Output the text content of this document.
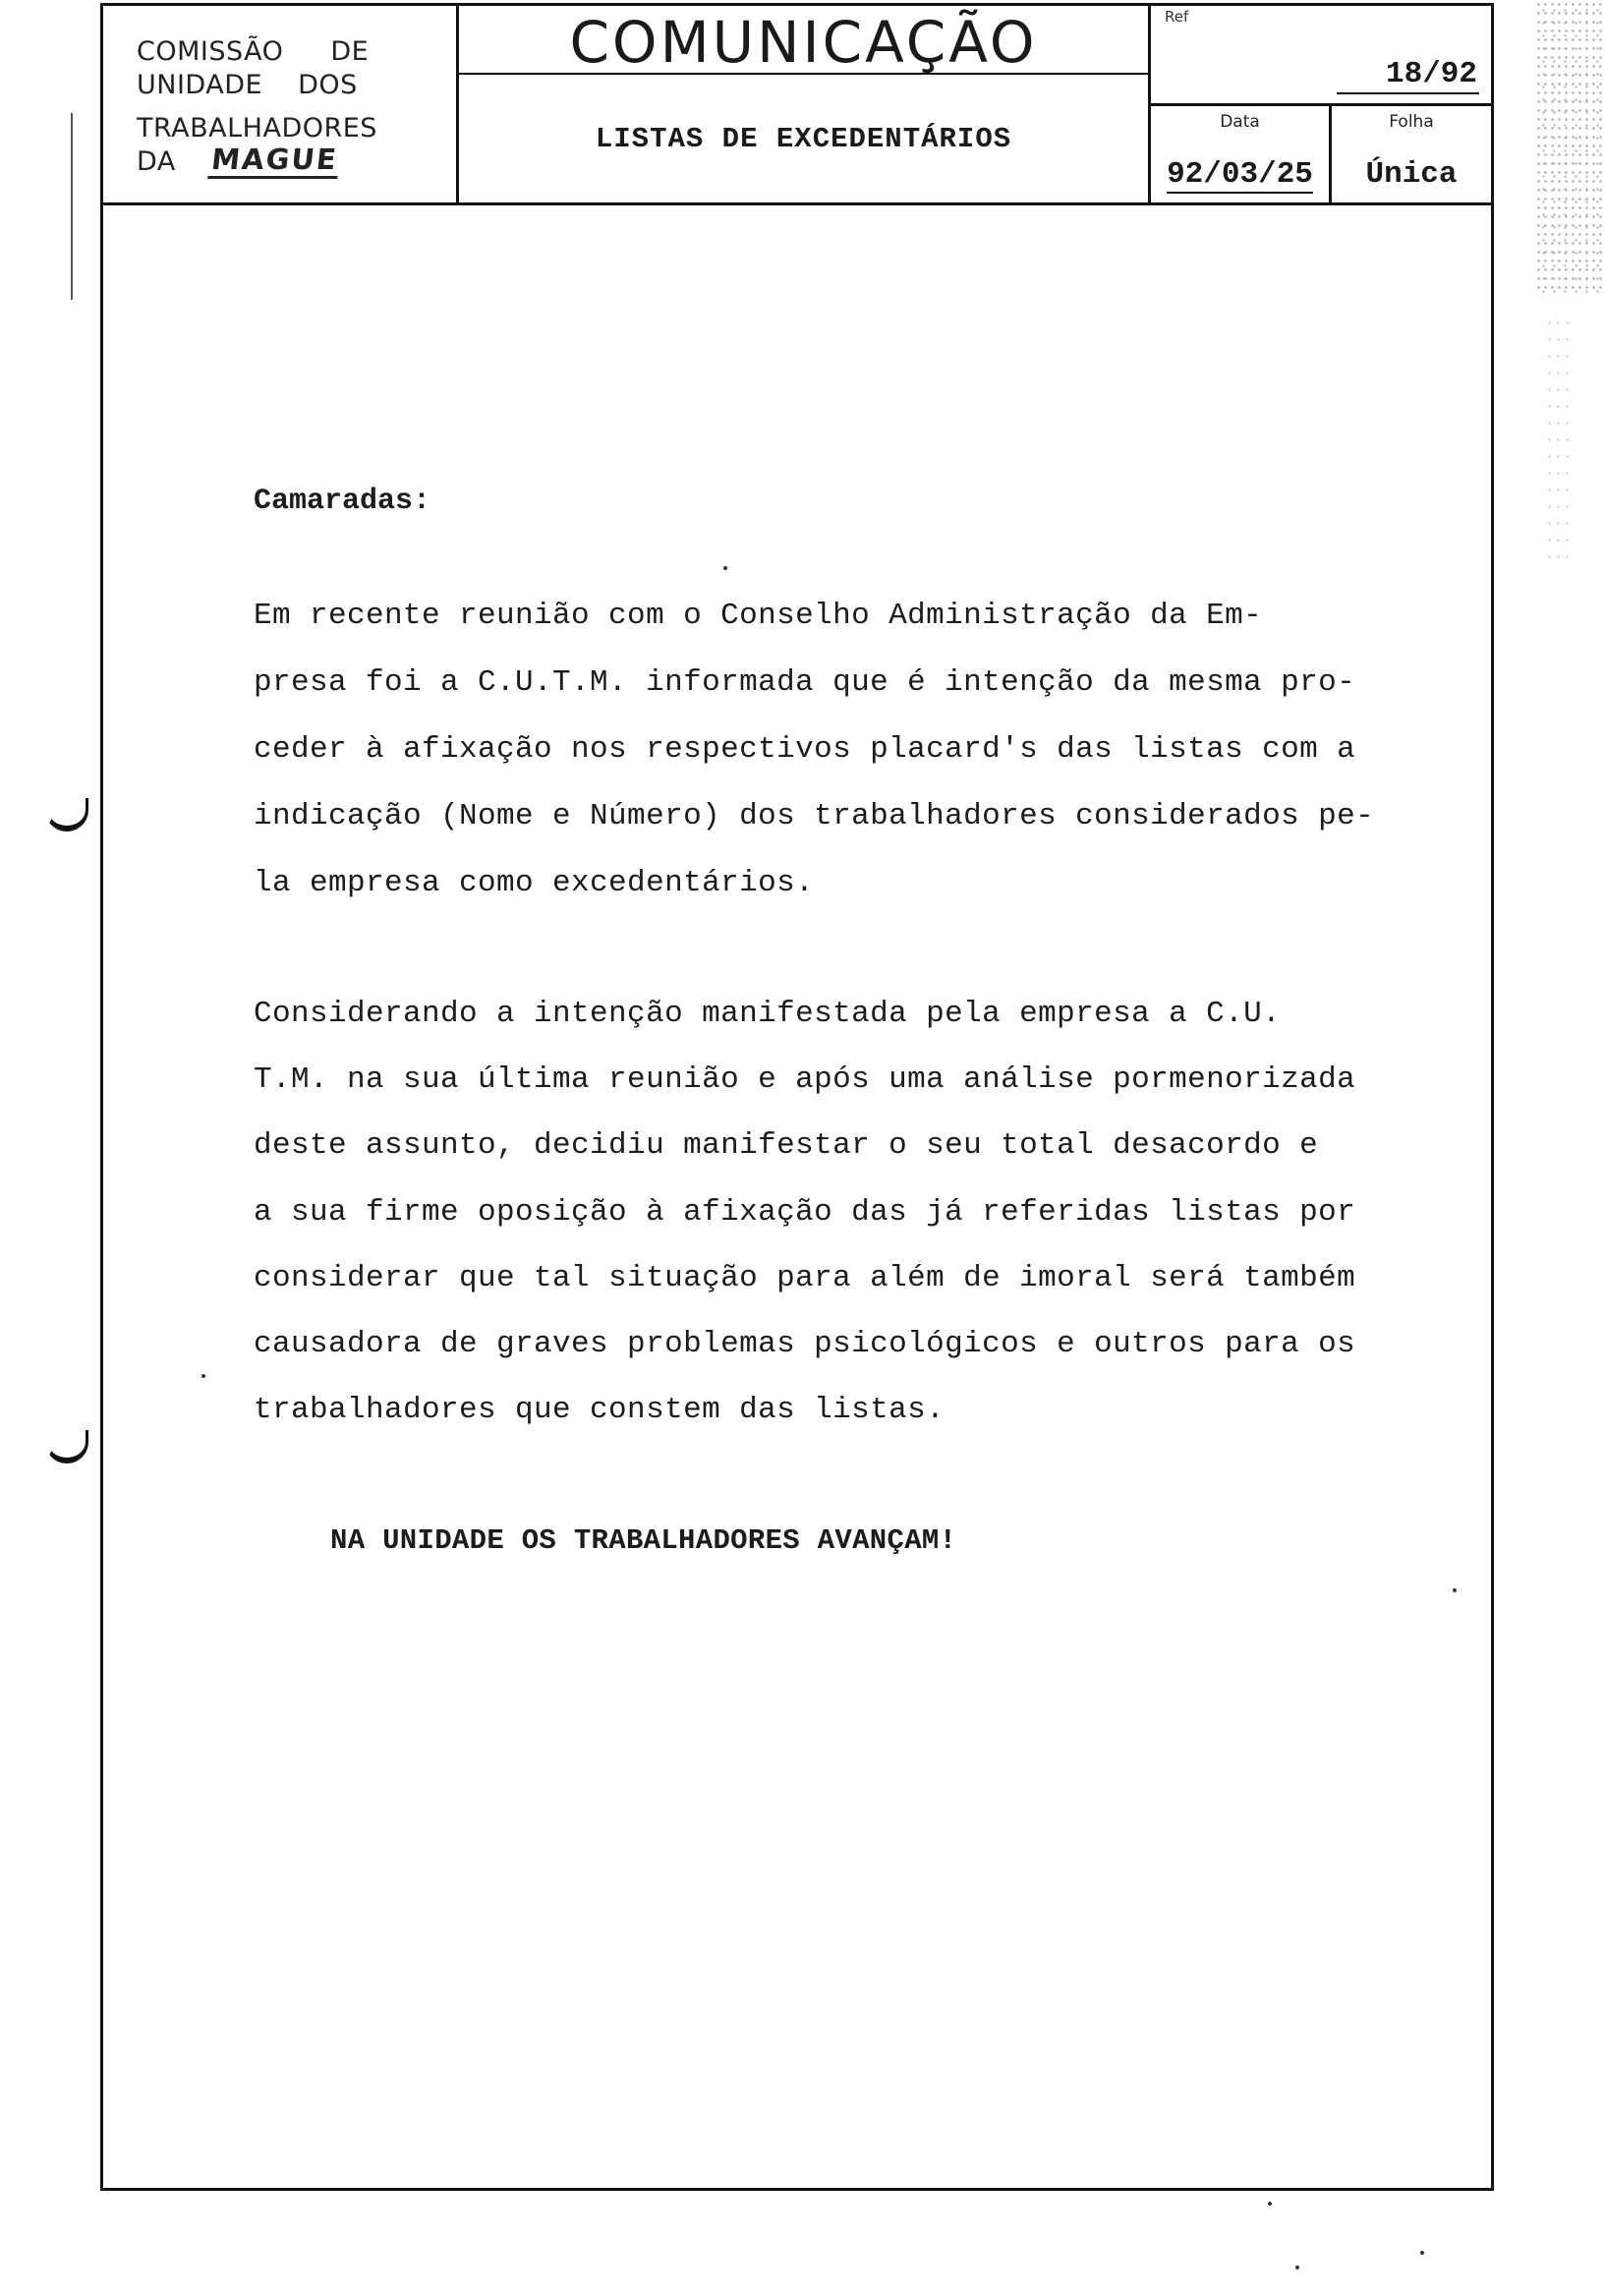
COMISSÃO DE
UNIDADE DOS
TRABALHADORES
DA MAGUE
COMUNICAÇÃO
LISTAS DE EXCEDENTÁRIOS
Ref
18/92
Data
92/03/25
Folha
Única
Camaradas:
Em recente reunião com o Conselho Administração da Em-
presa foi a C.U.T.M. informada que é intenção da mesma pro-
ceder à afixação nos respectivos placard's das listas com a
indicação (Nome e Número) dos trabalhadores considerados pe-
la empresa como excedentários.
Considerando a intenção manifestada pela empresa a C.U.
T.M. na sua última reunião e após uma análise pormenorizada
deste assunto, decidiu manifestar o seu total desacordo e
a sua firme oposição à afixação das já referidas listas por
considerar que tal situação para além de imoral será também
causadora de graves problemas psicológicos e outros para os
trabalhadores que constem das listas.
NA UNIDADE OS TRABALHADORES AVANÇAM!
